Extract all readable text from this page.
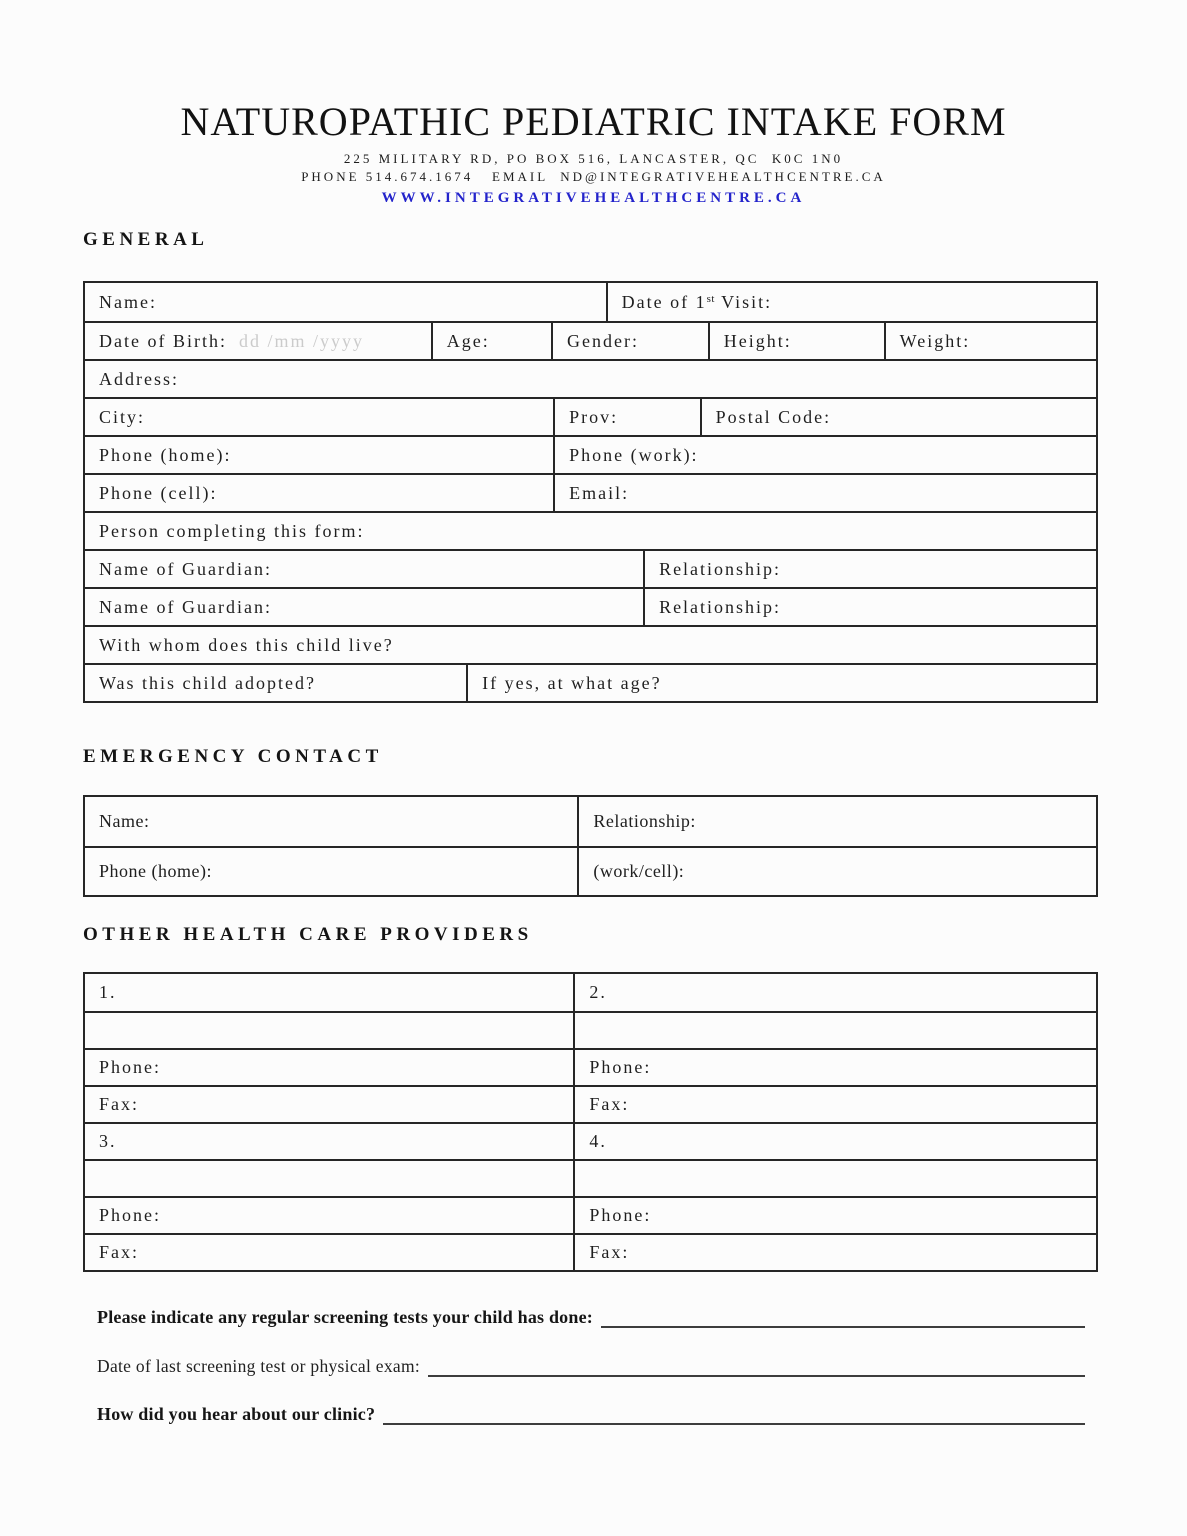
NATUROPATHIC PEDIATRIC INTAKE FORM
225 MILITARY RD, PO BOX 516, LANCASTER, QC  K0C 1N0
PHONE 514.674.1674   EMAIL  ND@INTEGRATIVEHEALTHCENTRE.CA
WWW.INTEGRATIVEHEALTHCENTRE.CA
GENERAL
Name:	Date of 1st Visit:
Date of Birth: dd /mm /yyyy	Age:	Gender:	Height:	Weight:
Address:
City:	Prov:	Postal Code:
Phone (home):	Phone (work):
Phone (cell):	Email:
Person completing this form:
Name of Guardian:	Relationship:
Name of Guardian:	Relationship:
With whom does this child live?
Was this child adopted?	If yes, at what age?
EMERGENCY CONTACT
Name:	Relationship:
Phone (home):	(work/cell):
OTHER HEALTH CARE PROVIDERS
1.	2.
Phone:	Phone:
Fax:	Fax:
3.	4.
Phone:	Phone:
Fax:	Fax:
Please indicate any regular screening tests your child has done:
Date of last screening test or physical exam:
How did you hear about our clinic?
